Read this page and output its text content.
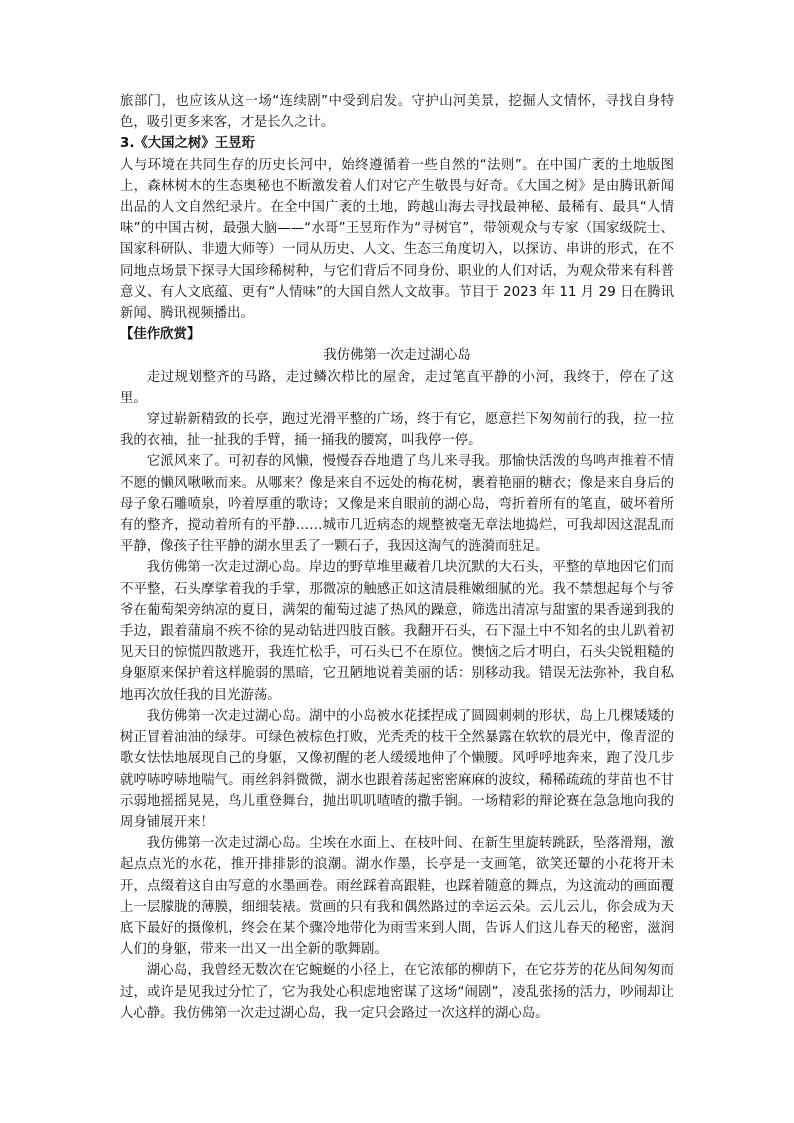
旅部门，也应该从这一场“连续剧”中受到启发。守护山河美景，挖掘人文情怀，寻找自身特色，吸引更多来客，才是长久之计。

3.《大国之树》王昱珩

人与环境在共同生存的历史长河中，始终遵循着一些自然的“法则”。在中国广袤的土地版图上，森林树木的生态奥秘也不断激发着人们对它产生敬畏与好奇。《大国之树》是由腾讯新闻出品的人文自然纪录片。在全中国广袤的土地，跨越山海去寻找最神秘、最稀有、最具“人情味”的中国古树，最强大脑——“水哥”王昱珩作为“寻树官”，带领观众与专家（国家级院士、国家科研队、非遗大师等）一同从历史、人文、生态三角度切入，以探访、串讲的形式，在不同地点场景下探寻大国珍稀树种，与它们背后不同身份、职业的人们对话，为观众带来有科普意义、有人文底蕴、更有“人情味”的大国自然人文故事。节目于 2023 年 11 月 29 日在腾讯新闻、腾讯视频播出。

【佳作欣赏】

我仿佛第一次走过湖心岛

走过规划整齐的马路，走过鳞次栉比的屋舍，走过笔直平静的小河，我终于，停在了这里。

穿过崭新精致的长亭，跑过光滑平整的广场，终于有它，愿意拦下匆匆前行的我，拉一拉我的衣袖，扯一扯我的手臂，捅一捅我的腰窝，叫我停一停。

它派风来了。可初春的风懒，慢慢吞吞地遣了鸟儿来寻我。那愉快活泼的鸟鸣声推着不情不愿的懒风啾啾而来。从哪来？像是来自不远处的梅花树，裹着艳丽的糖衣；像是来自身后的母子象石雕喷泉，吟着厚重的歌诗；又像是来自眼前的湖心岛，弯折着所有的笔直，破坏着所有的整齐，搅动着所有的平静……城市几近病态的规整被毫无章法地捣烂，可我却因这混乱而平静，像孩子往平静的湖水里丢了一颗石子，我因这淘气的涟漪而驻足。

我仿佛第一次走过湖心岛。岸边的野草堆里藏着几块沉默的大石头，平整的草地因它们而不平整，石头摩挲着我的手掌，那微凉的触感正如这清晨稚嫩细腻的光。我不禁想起每个与爷爷在葡萄架旁纳凉的夏日，满架的葡萄过滤了热风的躁意，筛选出清凉与甜蜜的果香递到我的手边，跟着蒲扇不疾不徐的晃动钻进四肢百骸。我翻开石头，石下湿土中不知名的虫儿趴着初见天日的惊慌四散逃开，我连忙松手，可石头已不在原位。懊恼之后才明白，石头尖锐粗糙的身躯原来保护着这样脆弱的黑暗，它丑陋地说着美丽的话：别移动我。错误无法弥补，我自私地再次放任我的目光游荡。

我仿佛第一次走过湖心岛。湖中的小岛被水花揉捏成了圆圆刺刺的形状，岛上几棵矮矮的树正冒着油油的绿芽。可绿色被棕色打败，光秃秃的枝干全然暴露在软软的晨光中，像青涩的歌女怯怯地展现自己的身躯，又像初醒的老人缓缓地伸了个懒腰。风呼呼地奔来，跑了没几步就哼哧哼哧地喘气。雨丝斜斜微微，湖水也跟着荡起密密麻麻的波纹，稀稀疏疏的芽苗也不甘示弱地摇摇晃晃，鸟儿重登舞台，抛出叽叽喳喳的撒手锏。一场精彩的辩论赛在急急地向我的周身铺展开来！

我仿佛第一次走过湖心岛。尘埃在水面上、在枝叶间、在新生里旋转跳跃，坠落滑翔，激起点点光的水花，推开排排影的浪潮。湖水作墨，长亭是一支画笔，欲笑还颦的小花将开未开，点缀着这自由写意的水墨画卷。雨丝踩着高跟鞋，也踩着随意的舞点，为这流动的画面覆上一层朦胧的薄膜，细细装裱。赏画的只有我和偶然路过的幸运云朵。云儿云儿，你会成为天底下最好的摄像机，终会在某个骤冷地带化为雨雪来到人間，告诉人们这儿春天的秘密，滋润人们的身躯，带来一出又一出全新的歌舞剧。

湖心岛，我曾经无数次在它蜿蜒的小径上，在它浓郁的柳荫下，在它芬芳的花丛间匆匆而过，或许是见我过分忙了，它为我处心积虑地密谋了这场“闹剧”，凌乱张扬的活力，吵闹却让人心静。我仿佛第一次走过湖心岛，我一定只会路过一次这样的湖心岛。
